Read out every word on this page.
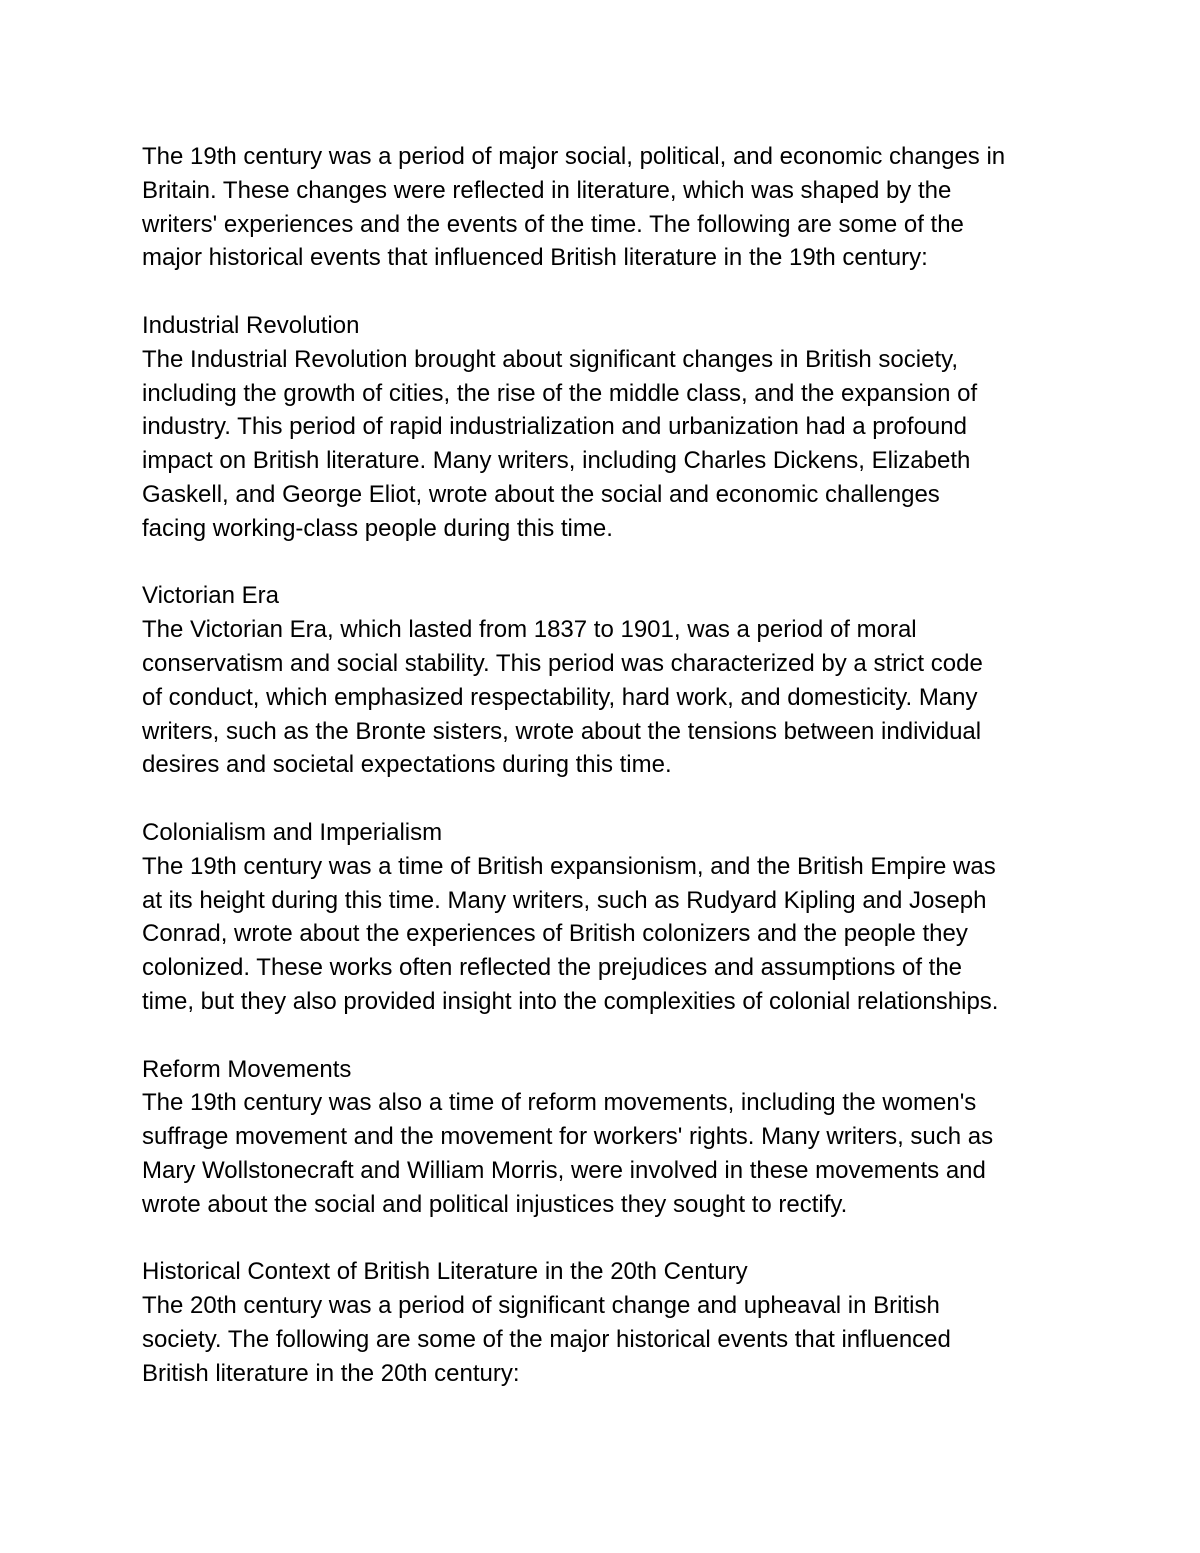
The 19th century was a period of major social, political, and economic changes in
Britain. These changes were reflected in literature, which was shaped by the
writers' experiences and the events of the time. The following are some of the
major historical events that influenced British literature in the 19th century:
Industrial Revolution
The Industrial Revolution brought about significant changes in British society,
including the growth of cities, the rise of the middle class, and the expansion of
industry. This period of rapid industrialization and urbanization had a profound
impact on British literature. Many writers, including Charles Dickens, Elizabeth
Gaskell, and George Eliot, wrote about the social and economic challenges
facing working-class people during this time.
Victorian Era
The Victorian Era, which lasted from 1837 to 1901, was a period of moral
conservatism and social stability. This period was characterized by a strict code
of conduct, which emphasized respectability, hard work, and domesticity. Many
writers, such as the Bronte sisters, wrote about the tensions between individual
desires and societal expectations during this time.
Colonialism and Imperialism
The 19th century was a time of British expansionism, and the British Empire was
at its height during this time. Many writers, such as Rudyard Kipling and Joseph
Conrad, wrote about the experiences of British colonizers and the people they
colonized. These works often reflected the prejudices and assumptions of the
time, but they also provided insight into the complexities of colonial relationships.
Reform Movements
The 19th century was also a time of reform movements, including the women's
suffrage movement and the movement for workers' rights. Many writers, such as
Mary Wollstonecraft and William Morris, were involved in these movements and
wrote about the social and political injustices they sought to rectify.
Historical Context of British Literature in the 20th Century
The 20th century was a period of significant change and upheaval in British
society. The following are some of the major historical events that influenced
British literature in the 20th century:
